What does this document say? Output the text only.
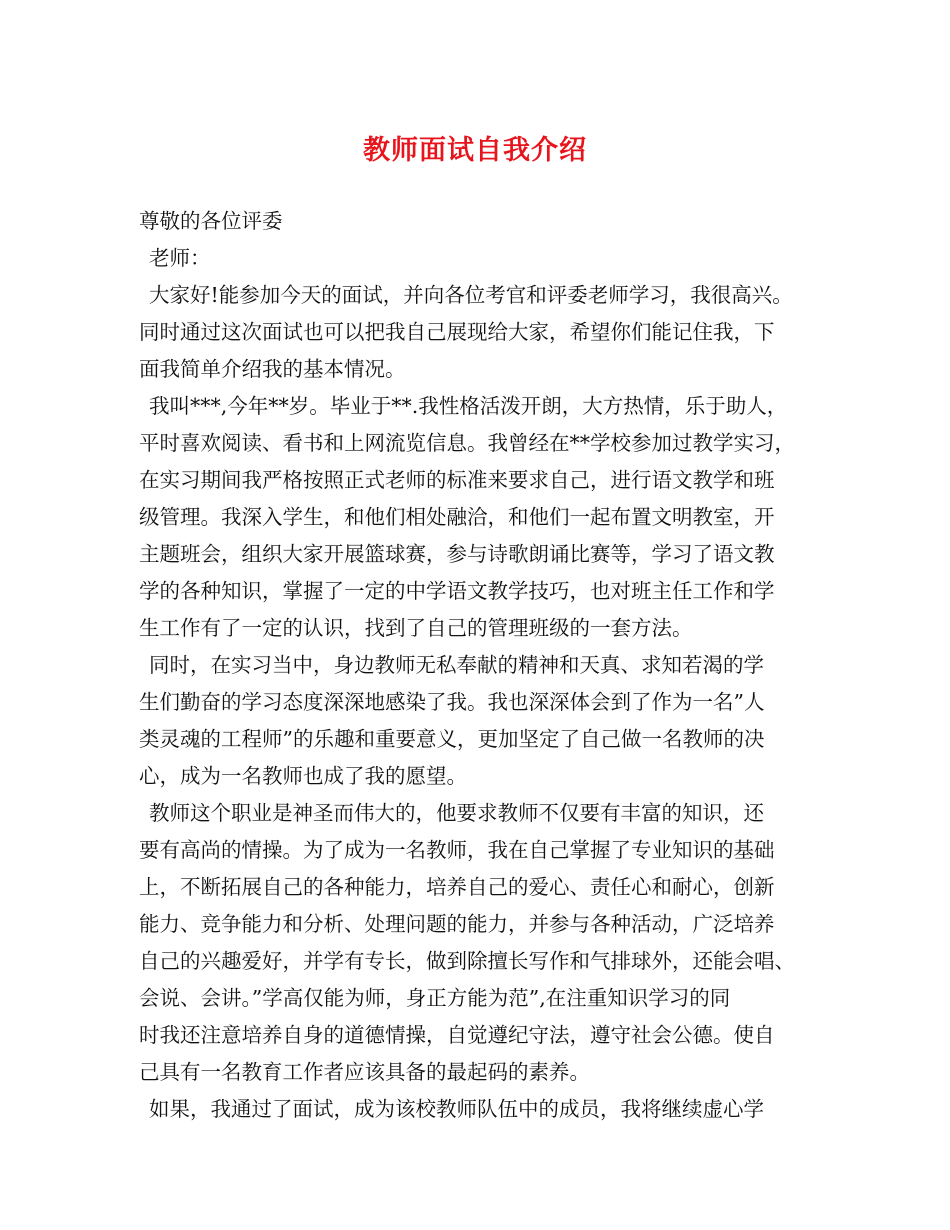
教师面试自我介绍
尊敬的各位评委
老师：
大家好!能参加今天的面试，并向各位考官和评委老师学习，我很高兴。
同时通过这次面试也可以把我自己展现给大家，希望你们能记住我，下
面我简单介绍我的基本情况。
我叫***,今年**岁。毕业于**.我性格活泼开朗，大方热情，乐于助人，
平时喜欢阅读、看书和上网流览信息。我曾经在**学校参加过教学实习，
在实习期间我严格按照正式老师的标准来要求自己，进行语文教学和班
级管理。我深入学生，和他们相处融洽，和他们一起布置文明教室，开
主题班会，组织大家开展篮球赛，参与诗歌朗诵比赛等，学习了语文教
学的各种知识，掌握了一定的中学语文教学技巧，也对班主任工作和学
生工作有了一定的认识，找到了自己的管理班级的一套方法。
同时，在实习当中，身边教师无私奉献的精神和天真、求知若渴的学
生们勤奋的学习态度深深地感染了我。我也深深体会到了作为一名”人
类灵魂的工程师”的乐趣和重要意义，更加坚定了自己做一名教师的决
心，成为一名教师也成了我的愿望。
教师这个职业是神圣而伟大的，他要求教师不仅要有丰富的知识，还
要有高尚的情操。为了成为一名教师，我在自己掌握了专业知识的基础
上，不断拓展自己的各种能力，培养自己的爱心、责任心和耐心，创新
能力、竞争能力和分析、处理问题的能力，并参与各种活动，广泛培养
自己的兴趣爱好，并学有专长，做到除擅长写作和气排球外，还能会唱、
会说、会讲。”学高仅能为师，身正方能为范”,在注重知识学习的同
时我还注意培养自身的道德情操，自觉遵纪守法，遵守社会公德。使自
己具有一名教育工作者应该具备的最起码的素养。
如果，我通过了面试，成为该校教师队伍中的成员，我将继续虚心学
